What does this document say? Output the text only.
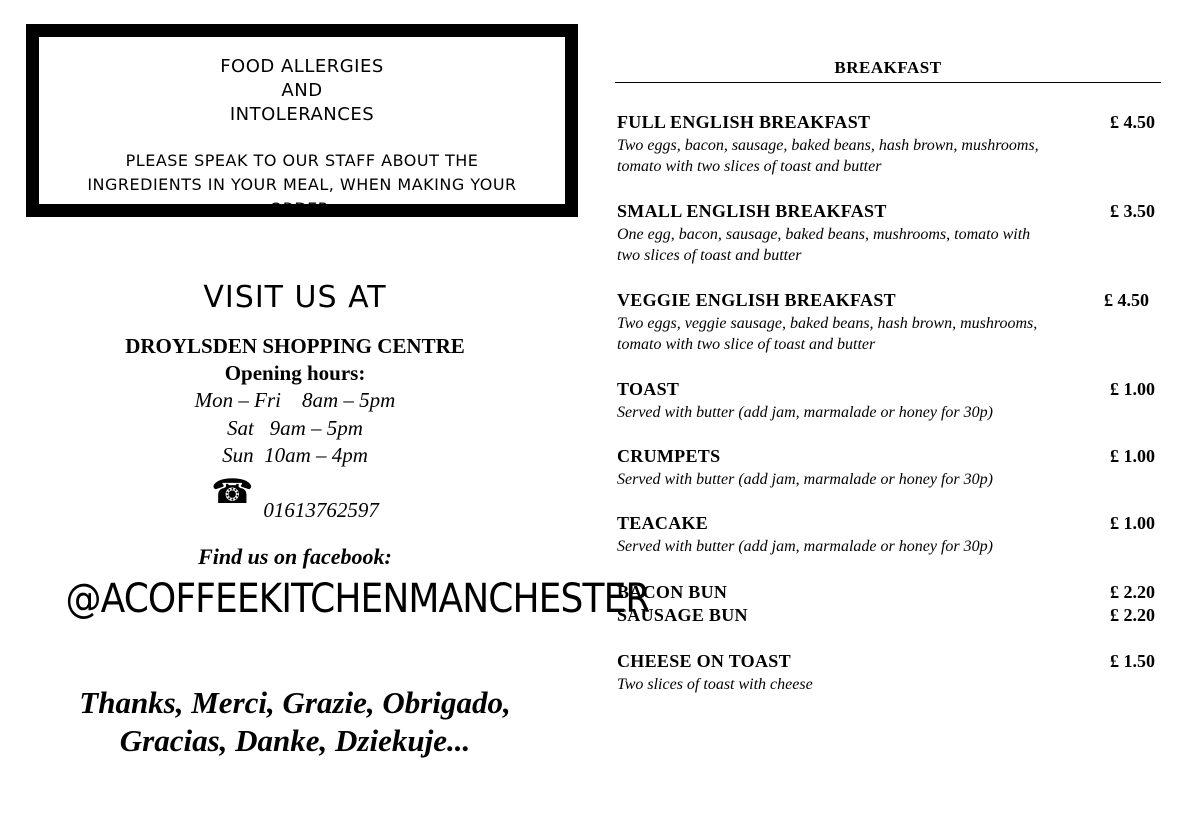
FOOD ALLERGIES
AND
INTOLERANCES
PLEASE SPEAK TO OUR STAFF ABOUT THE INGREDIENTS IN YOUR MEAL, WHEN MAKING YOUR ORDER.
VISIT US AT
DROYLSDEN SHOPPING CENTRE
Opening hours:
Mon – Fri    8am – 5pm
Sat   9am – 5pm
Sun  10am – 4pm
☎ 01613762597
Find us on facebook:
@ACOFFEEKITCHENMANCHESTER
Thanks, Merci, Grazie, Obrigado,
Gracias, Danke, Dziekuje...
BREAKFAST
FULL ENGLISH BREAKFAST	£ 4.50
Two eggs, bacon, sausage, baked beans, hash brown, mushrooms, tomato with two slices of toast and butter
SMALL ENGLISH BREAKFAST	£ 3.50
One egg, bacon, sausage, baked beans, mushrooms, tomato with two slices of toast and butter
VEGGIE ENGLISH BREAKFAST	£ 4.50
Two eggs, veggie sausage, baked beans, hash brown, mushrooms, tomato with two slice of toast and butter
TOAST	£ 1.00
Served with butter (add jam, marmalade or honey for 30p)
CRUMPETS	£ 1.00
Served with butter (add jam, marmalade or honey for 30p)
TEACAKE	£ 1.00
Served with butter (add jam, marmalade or honey for 30p)
BACON BUN	£ 2.20
SAUSAGE BUN	£ 2.20
CHEESE ON TOAST	£ 1.50
Two slices of toast with cheese
